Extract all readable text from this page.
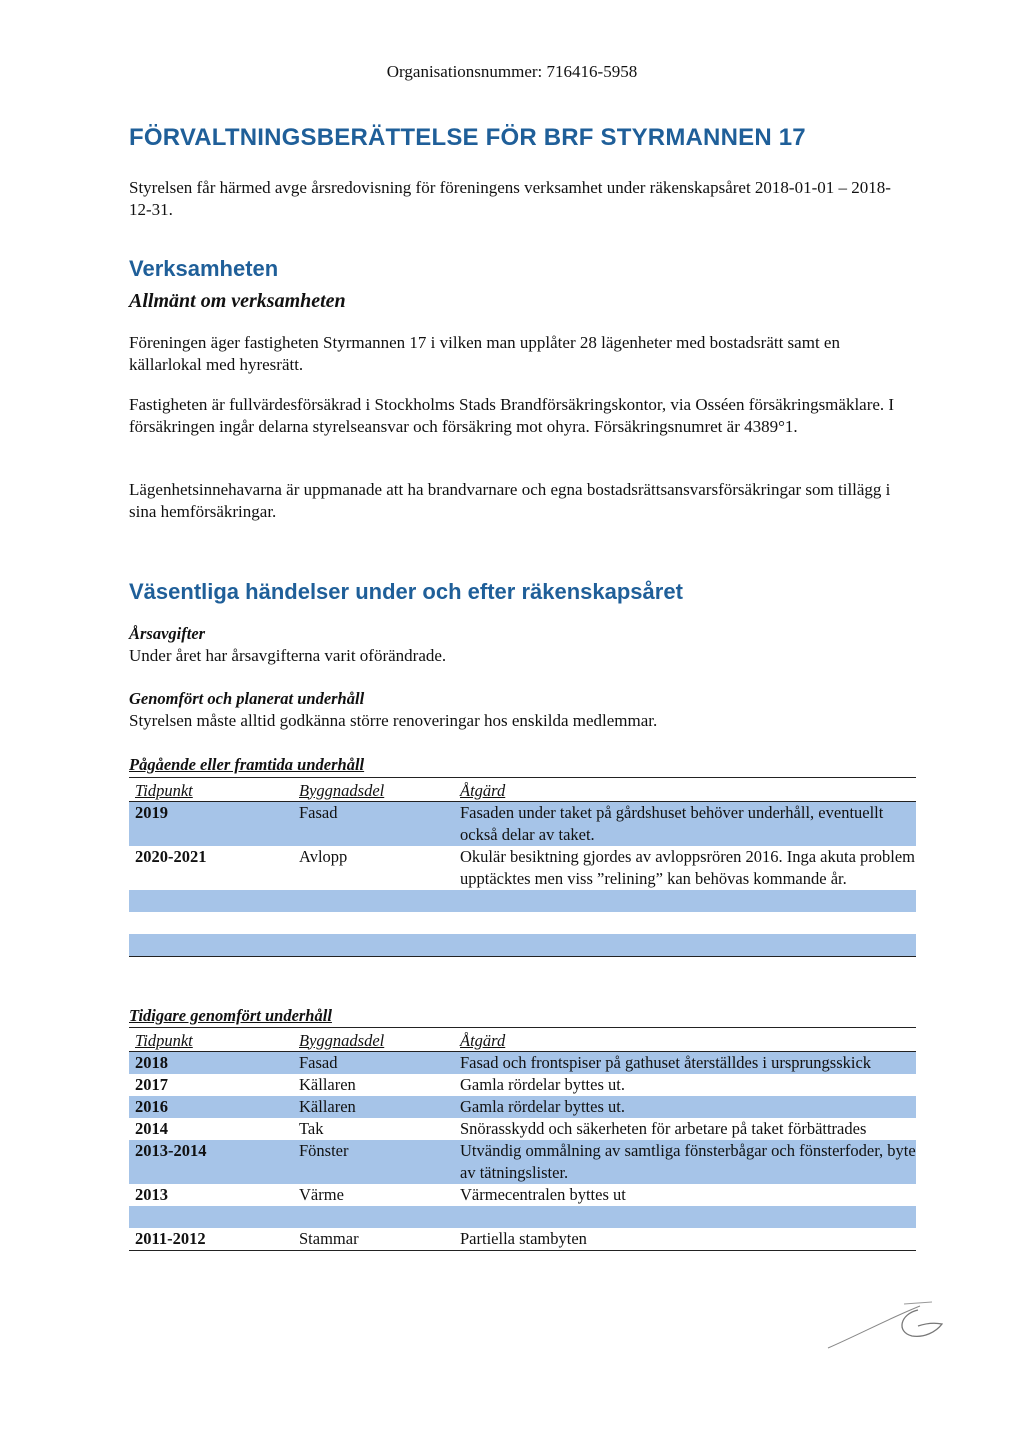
Organisationsnummer: 716416-5958
FÖRVALTNINGSBERÄTTELSE FÖR BRF STYRMANNEN 17

Styrelsen får härmed avge årsredovisning för föreningens verksamhet under räkenskapsåret 2018-01-01 – 2018-12-31.

Verksamheten
Allmänt om verksamheten

Föreningen äger fastigheten Styrmannen 17 i vilken man upplåter 28 lägenheter med bostadsrätt samt en källarlokal med hyresrätt.

Fastigheten är fullvärdesförsäkrad i Stockholms Stads Brandförsäkringskontor, via Osséen försäkringsmäklare. I försäkringen ingår delarna styrelseansvar och försäkring mot ohyra. Försäkringsnumret är 4389°1.

Lägenhetsinnehavarna är uppmanade att ha brandvarnare och egna bostadsrättsansvarsförsäkringar som tillägg i sina hemförsäkringar.

Väsentliga händelser under och efter räkenskapsåret
Årsavgifter
Under året har årsavgifterna varit oförändrade.
Genomfört och planerat underhåll
Styrelsen måste alltid godkänna större renoveringar hos enskilda medlemmar.
Pågående eller framtida underhåll
Tidpunkt	Byggnadsdel	Åtgärd
2019	Fasad	Fasaden under taket på gårdshuset behöver underhåll, eventuellt också delar av taket.
2020-2021	Avlopp	Okulär besiktning gjordes av avloppsrören 2016. Inga akuta problem upptäcktes men viss ”relining” kan behövas kommande år.

Tidigare genomfört underhåll
Tidpunkt	Byggnadsdel	Åtgärd
2018	Fasad	Fasad och frontspiser på gathuset återställdes i ursprungsskick
2017	Källaren	Gamla rördelar byttes ut.
2016	Källaren	Gamla rördelar byttes ut.
2014	Tak	Snörasskydd och säkerheten för arbetare på taket förbättrades
2013-2014	Fönster	Utvändig ommålning av samtliga fönsterbågar och fönsterfoder, byte av tätningslister.
2013	Värme	Värmecentralen byttes ut

2011-2012	Stammar	Partiella stambyten
